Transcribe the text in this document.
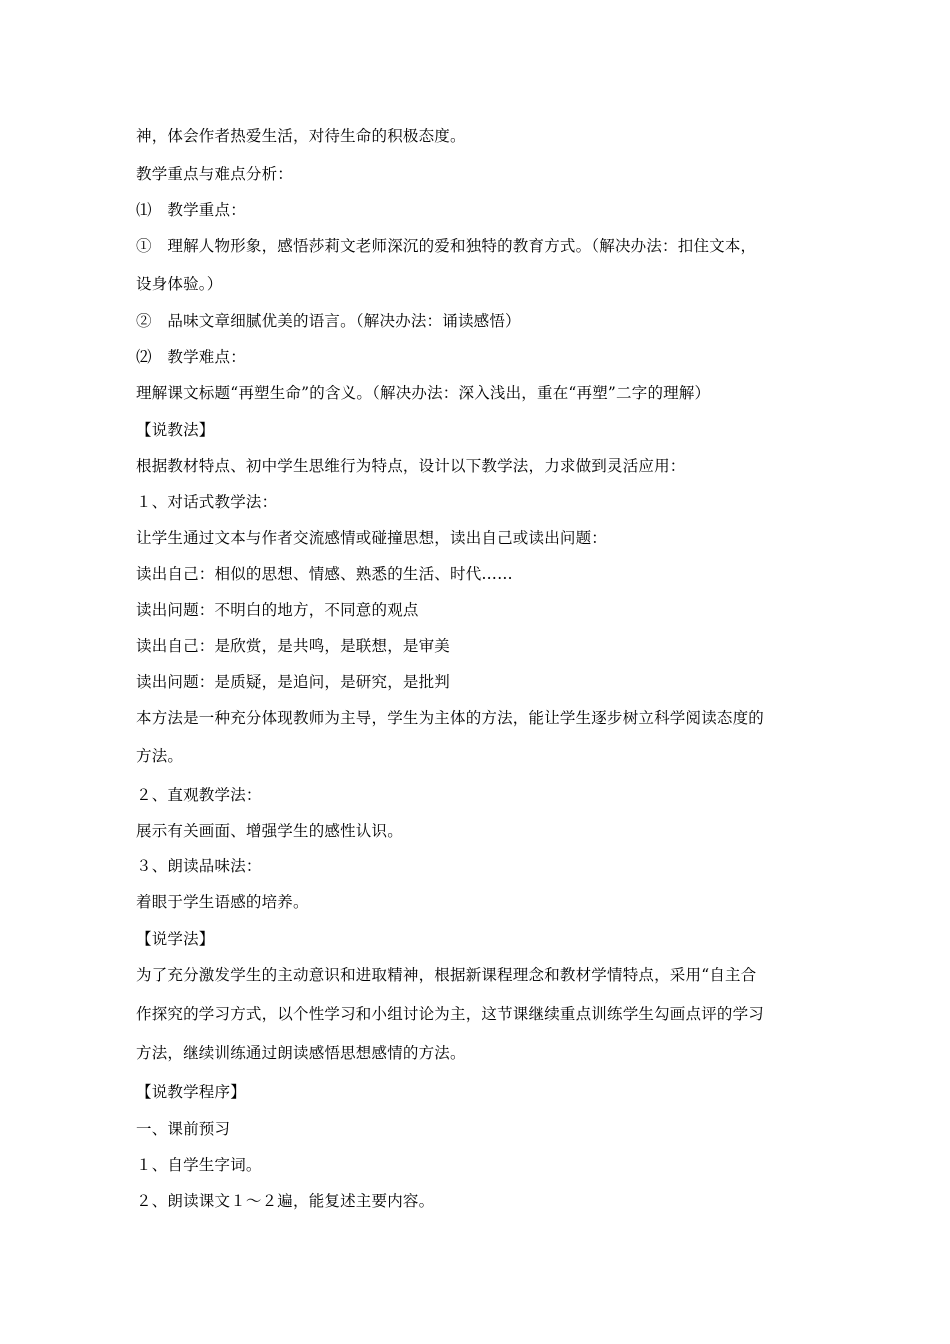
神，体会作者热爱生活，对待生命的积极态度。
教学重点与难点分析：
⑴　教学重点：
①　理解人物形象，感悟莎莉文老师深沉的爱和独特的教育方式。（解决办法：扣住文本，
设身体验。）
②　品味文章细腻优美的语言。（解决办法：诵读感悟）
⑵　教学难点：
理解课文标题“再塑生命”的含义。（解决办法：深入浅出，重在“再塑”二字的理解）
【说教法】
根据教材特点、初中学生思维行为特点，设计以下教学法，力求做到灵活应用：
１、对话式教学法：
让学生通过文本与作者交流感情或碰撞思想，读出自己或读出问题：
读出自己：相似的思想、情感、熟悉的生活、时代……
读出问题：不明白的地方，不同意的观点
读出自己：是欣赏，是共鸣，是联想，是审美
读出问题：是质疑，是追问，是研究，是批判
本方法是一种充分体现教师为主导，学生为主体的方法，能让学生逐步树立科学阅读态度的
方法。
２、直观教学法：
展示有关画面、增强学生的感性认识。
３、朗读品味法：
着眼于学生语感的培养。
【说学法】
为了充分激发学生的主动意识和进取精神，根据新课程理念和教材学情特点，采用“自主合
作探究的学习方式，以个性学习和小组讨论为主，这节课继续重点训练学生勾画点评的学习
方法，继续训练通过朗读感悟思想感情的方法。
【说教学程序】
一、课前预习
１、自学生字词。
２、朗读课文１～２遍，能复述主要内容。
